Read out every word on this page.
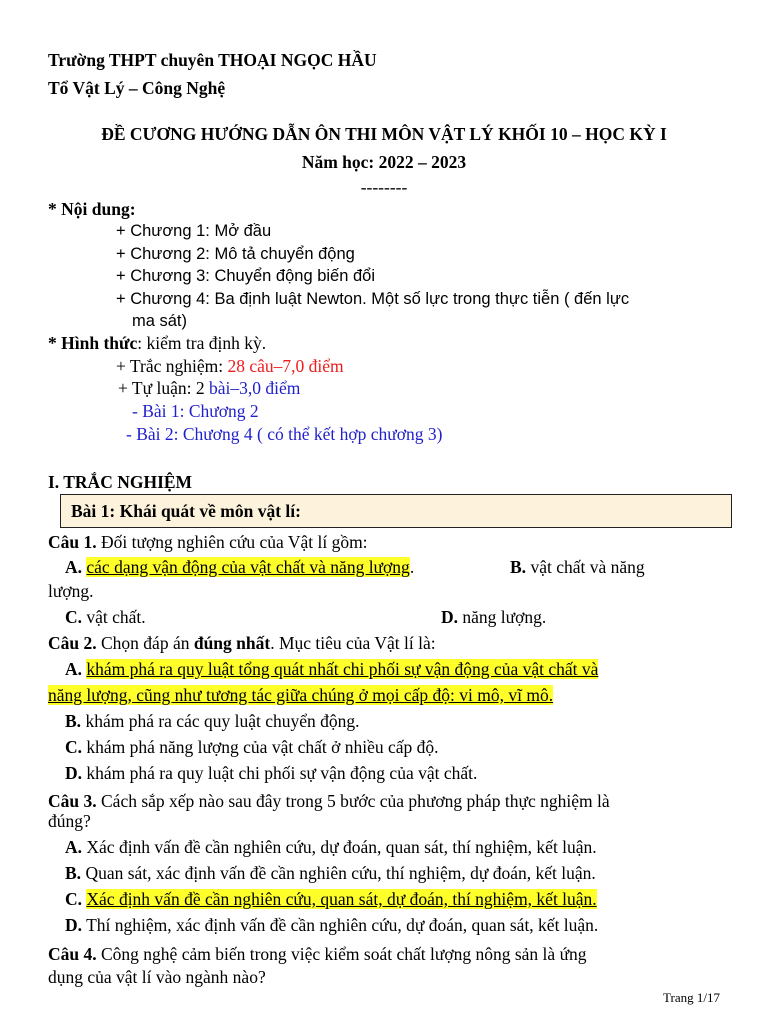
Trường THPT chuyên THOẠI NGỌC HẦU
Tổ Vật Lý – Công Nghệ
ĐỀ CƯƠNG HƯỚNG DẪN ÔN THI MÔN VẬT LÝ KHỐI 10 – HỌC KỲ I
Năm học: 2022 – 2023
--------
* Nội dung:
+ Chương 1: Mở đầu
+ Chương 2: Mô tả chuyển động
+ Chương 3: Chuyển động biến đổi
+ Chương 4: Ba định luật Newton. Một số lực trong thực tiễn ( đến lực
ma sát)
* Hình thức: kiểm tra định kỳ.
+ Trắc nghiệm: 28 câu–7,0 điểm
+ Tự luận: 2 bài–3,0 điểm
- Bài 1: Chương 2
- Bài 2: Chương 4 ( có thể kết hợp chương 3)
I. TRẮC NGHIỆM
Bài 1: Khái quát về môn vật lí:
Câu 1. Đối tượng nghiên cứu của Vật lí gồm:
A. các dạng vận động của vật chất và năng lượng.	B. vật chất và năng
lượng.
C. vật chất.	D. năng lượng.
Câu 2. Chọn đáp án đúng nhất. Mục tiêu của Vật lí là:
A. khám phá ra quy luật tổng quát nhất chi phối sự vận động của vật chất và
năng lượng, cũng như tương tác giữa chúng ở mọi cấp độ: vi mô, vĩ mô.
B. khám phá ra các quy luật chuyển động.
C. khám phá năng lượng của vật chất ở nhiều cấp độ.
D. khám phá ra quy luật chi phối sự vận động của vật chất.
Câu 3. Cách sắp xếp nào sau đây trong 5 bước của phương pháp thực nghiệm là
đúng?
A. Xác định vấn đề cần nghiên cứu, dự đoán, quan sát, thí nghiệm, kết luận.
B. Quan sát, xác định vấn đề cần nghiên cứu, thí nghiệm, dự đoán, kết luận.
C. Xác định vấn đề cần nghiên cứu, quan sát, dự đoán, thí nghiệm, kết luận.
D. Thí nghiệm, xác định vấn đề cần nghiên cứu, dự đoán, quan sát, kết luận.
Câu 4. Công nghệ cảm biến trong việc kiểm soát chất lượng nông sản là ứng
dụng của vật lí vào ngành nào?
Trang 1/17
